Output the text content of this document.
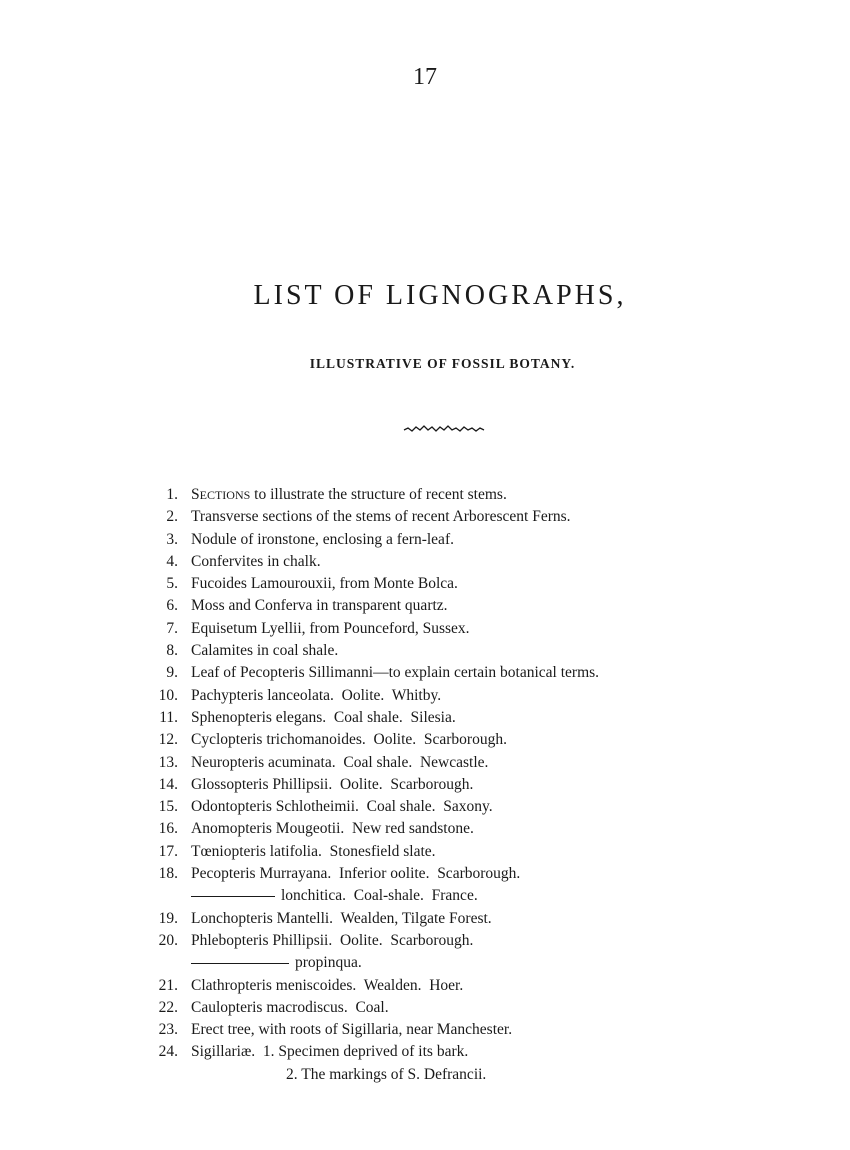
17
LIST OF LIGNOGRAPHS,
ILLUSTRATIVE OF FOSSIL BOTANY.
1. SECTIONS to illustrate the structure of recent stems.
2. Transverse sections of the stems of recent Arborescent Ferns.
3. Nodule of ironstone, enclosing a fern-leaf.
4. Confervites in chalk.
5. Fucoides Lamourouxii, from Monte Bolca.
6. Moss and Conferva in transparent quartz.
7. Equisetum Lyellii, from Pounceford, Sussex.
8. Calamites in coal shale.
9. Leaf of Pecopteris Sillimanni—to explain certain botanical terms.
10. Pachypteris lanceolata.  Oolite.  Whitby.
11. Sphenopteris elegans.  Coal shale.  Silesia.
12. Cyclopteris trichomanoides.  Oolite.  Scarborough.
13. Neuropteris acuminata.  Coal shale.  Newcastle.
14. Glossopteris Phillipsii.  Oolite.  Scarborough.
15. Odontopteris Schlotheimii.  Coal shale.  Saxony.
16. Anomopteris Mougeotii.  New red sandstone.
17. Tœniopteris latifolia.  Stonesfield slate.
18. Pecopteris Murrayana.  Inferior oolite.  Scarborough.
lonchitica.  Coal-shale.  France.
19. Lonchopteris Mantelli.  Wealden, Tilgate Forest.
20. Phlebopteris Phillipsii.  Oolite.  Scarborough.
propinqua.
21. Clathropteris meniscoides.  Wealden.  Hoer.
22. Caulopteris macrodiscus.  Coal.
23. Erect tree, with roots of Sigillaria, near Manchester.
24. Sigillariæ.  1. Specimen deprived of its bark.
2. The markings of S. Defrancii.
